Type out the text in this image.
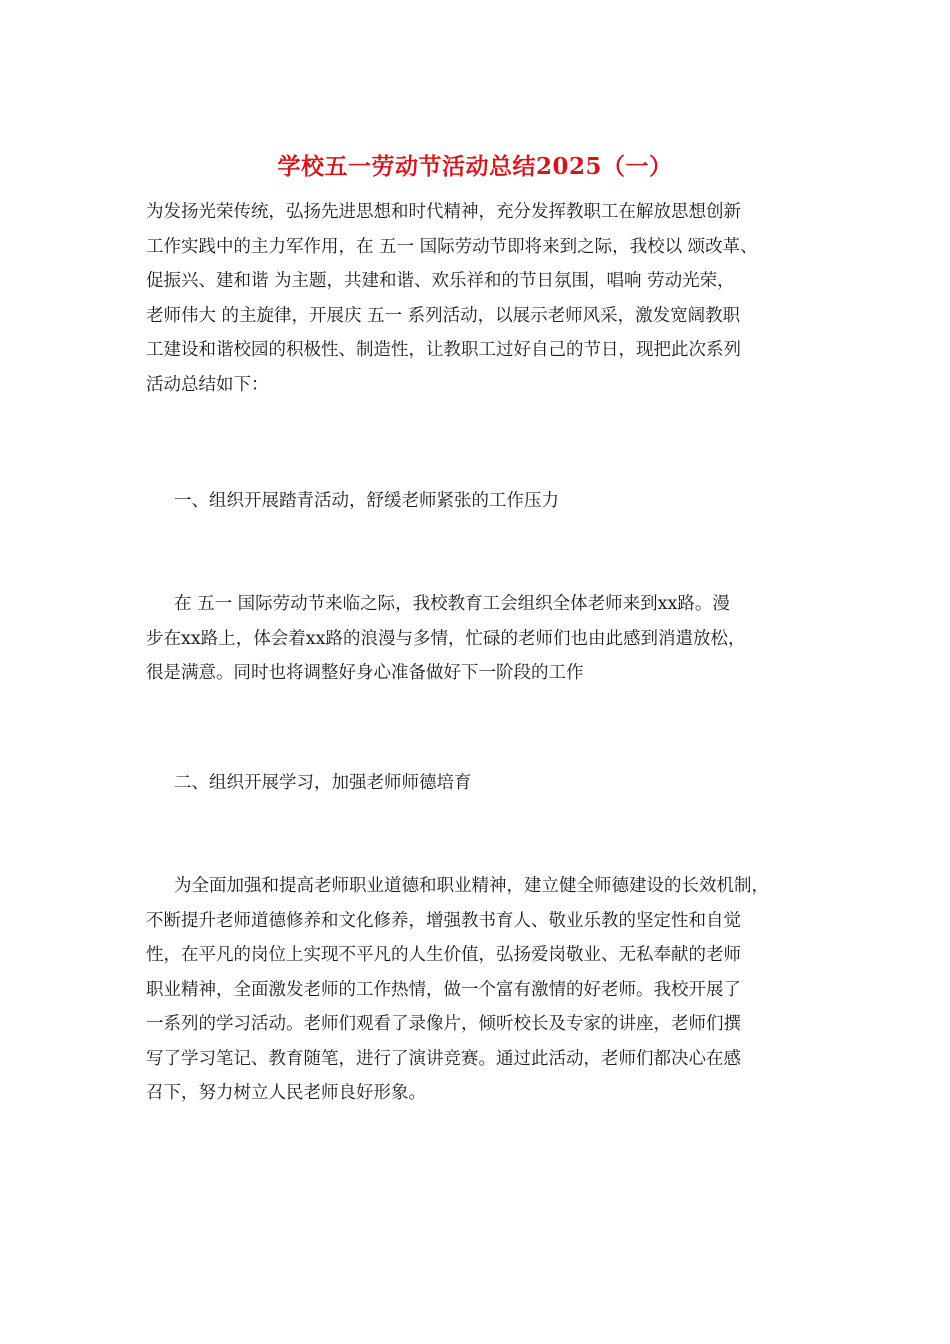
学校五一劳动节活动总结2025（一）
为发扬光荣传统，弘扬先进思想和时代精神，充分发挥教职工在解放思想创新
工作实践中的主力军作用，在 五一 国际劳动节即将来到之际，我校以 颂改革、
促振兴、建和谐 为主题，共建和谐、欢乐祥和的节日氛围，唱响 劳动光荣，
老师伟大 的主旋律，开展庆 五一 系列活动，以展示老师风采，激发宽阔教职
工建设和谐校园的积极性、制造性，让教职工过好自己的节日，现把此次系列
活动总结如下：
一、组织开展踏青活动，舒缓老师紧张的工作压力
在 五一 国际劳动节来临之际，我校教育工会组织全体老师来到xx路。漫
步在xx路上，体会着xx路的浪漫与多情，忙碌的老师们也由此感到消遣放松，
很是满意。同时也将调整好身心准备做好下一阶段的工作
二、组织开展学习，加强老师师德培育
为全面加强和提高老师职业道德和职业精神，建立健全师德建设的长效机制，
不断提升老师道德修养和文化修养，增强教书育人、敬业乐教的坚定性和自觉
性，在平凡的岗位上实现不平凡的人生价值，弘扬爱岗敬业、无私奉献的老师
职业精神，全面激发老师的工作热情，做一个富有激情的好老师。我校开展了
一系列的学习活动。老师们观看了录像片，倾听校长及专家的讲座，老师们撰
写了学习笔记、教育随笔，进行了演讲竞赛。通过此活动，老师们都决心在感
召下，努力树立人民老师良好形象。
